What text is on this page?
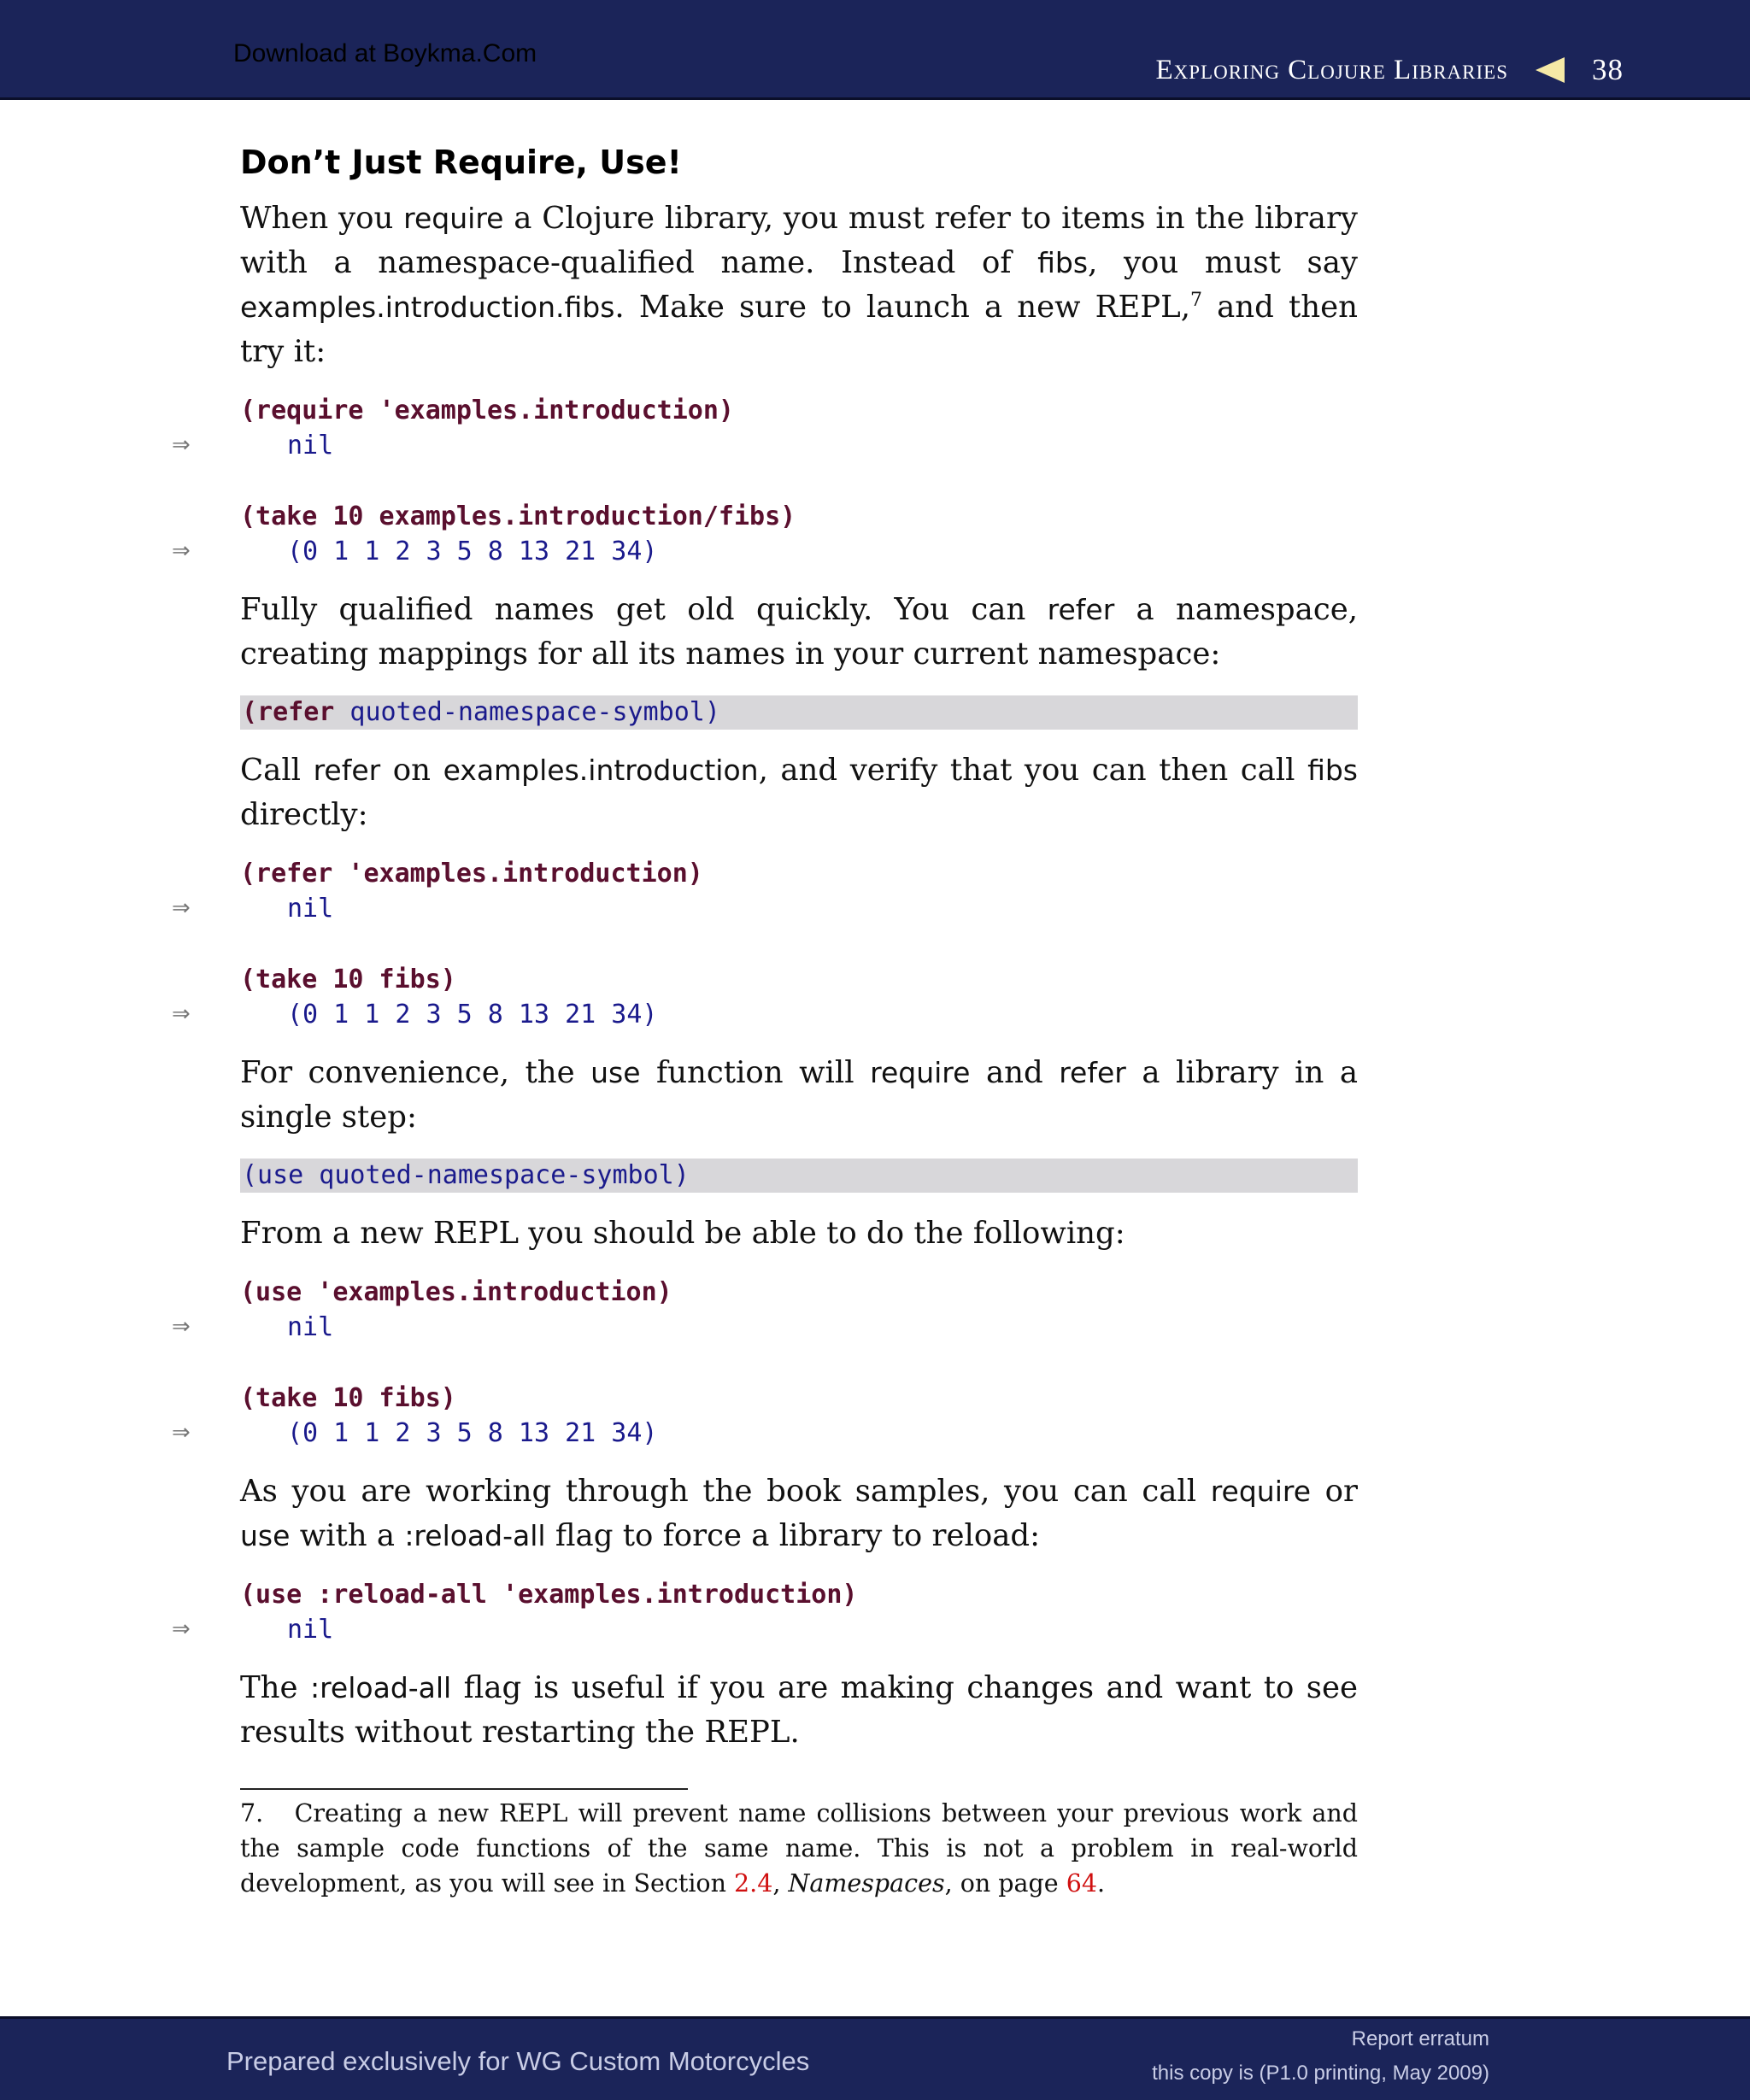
Download at Boykma.Com
Exploring Clojure Libraries	38
Don’t Just Require, Use!

When you require a Clojure library, you must refer to items in the library with a namespace-qualified name. Instead of fibs, you must say examples.introduction.fibs. Make sure to launch a new REPL,$^7$ and then try it:

(require 'examples.introduction)
⇒	nil
(take 10 examples.introduction/fibs)
⇒	(0 1 1 2 3 5 8 13 21 34)

Fully qualified names get old quickly. You can refer a namespace, creating mappings for all its names in your current namespace:

(refer quoted-namespace-symbol)

Call refer on examples.introduction, and verify that you can then call fibs directly:

(refer 'examples.introduction)
⇒	nil
(take 10 fibs)
⇒	(0 1 1 2 3 5 8 13 21 34)

For convenience, the use function will require and refer a library in a single step:

(use quoted-namespace-symbol)

From a new REPL you should be able to do the following:

(use 'examples.introduction)
⇒	nil
(take 10 fibs)
⇒	(0 1 1 2 3 5 8 13 21 34)

As you are working through the book samples, you can call require or use with a :reload-all flag to force a library to reload:

(use :reload-all 'examples.introduction)
⇒	nil

The :reload-all flag is useful if you are making changes and want to see results without restarting the REPL.

7. Creating a new REPL will prevent name collisions between your previous work and the sample code functions of the same name. This is not a problem in real-world development, as you will see in Section 2.4, Namespaces, on page 64.

Prepared exclusively for WG Custom Motorcycles
Report erratum
this copy is (P1.0 printing, May 2009)
